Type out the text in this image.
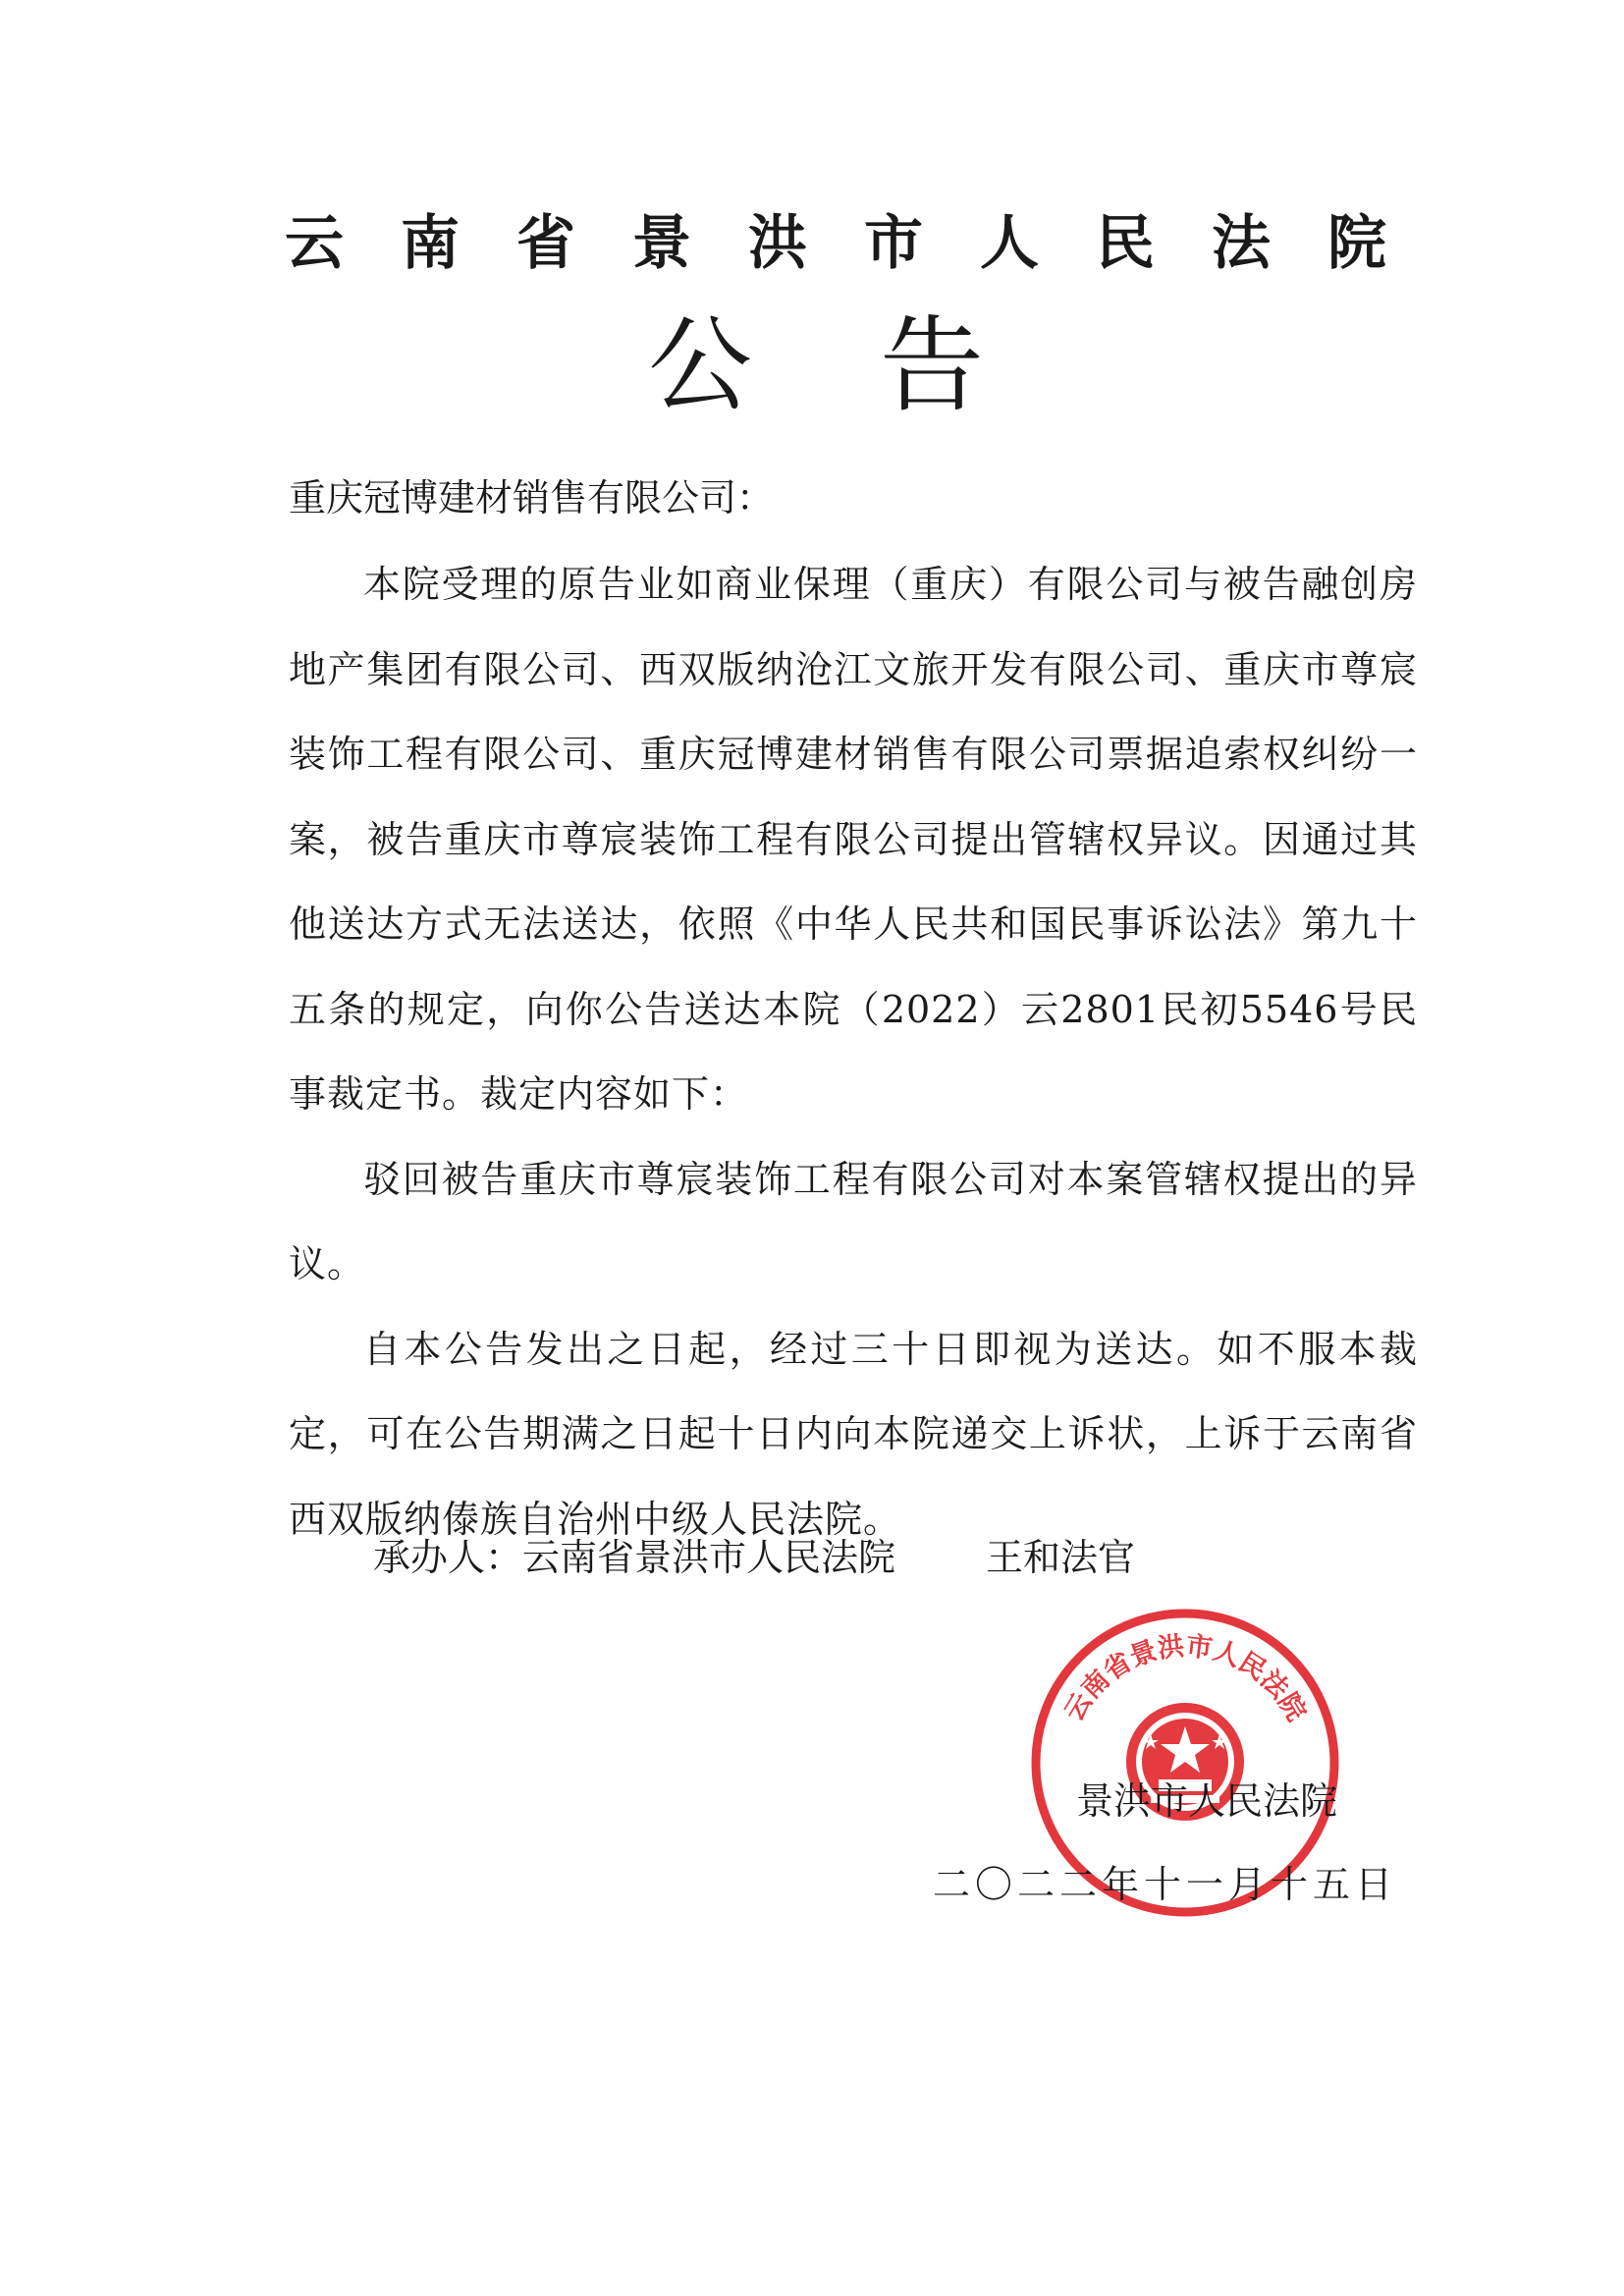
云南省景洪市人民法院
公告
重庆冠博建材销售有限公司：

本院受理的原告业如商业保理（重庆）有限公司与被告融创房地产集团有限公司、西双版纳沧江文旅开发有限公司、重庆市尊宸装饰工程有限公司、重庆冠博建材销售有限公司票据追索权纠纷一案，被告重庆市尊宸装饰工程有限公司提出管辖权异议。因通过其他送达方式无法送达，依照《中华人民共和国民事诉讼法》第九十五条的规定，向你公告送达本院（2022）云2801民初5546号民事裁定书。裁定内容如下：

驳回被告重庆市尊宸装饰工程有限公司对本案管辖权提出的异议。

自本公告发出之日起，经过三十日即视为送达。如不服本裁定，可在公告期满之日起十日内向本院递交上诉状，上诉于云南省西双版纳傣族自治州中级人民法院。

承办人：云南省景洪市人民法院 王和法官
云南省景洪市人民法院
景洪市人民法院
二〇二二年十一月十五日
